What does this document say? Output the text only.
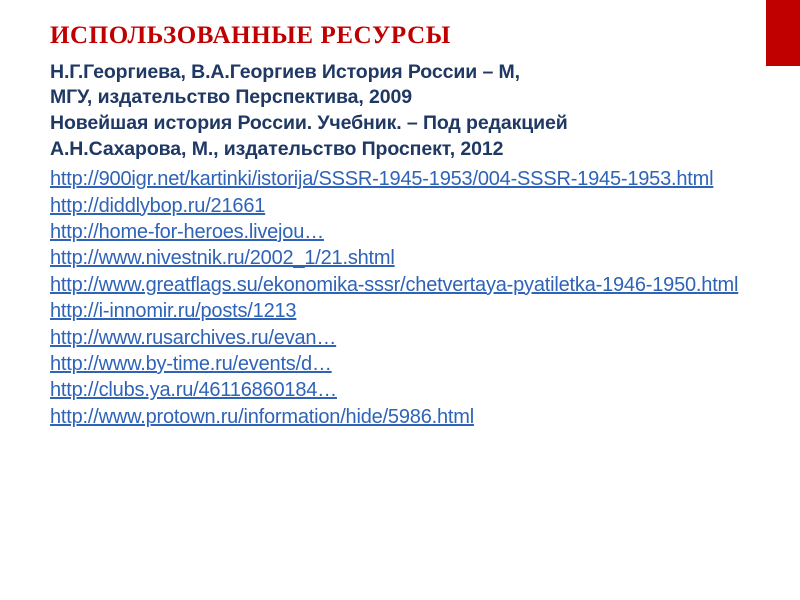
ИСПОЛЬЗОВАННЫЕ РЕСУРСЫ
Н.Г.Георгиева, В.А.Георгиев История России – М,
МГУ, издательство Перспектива, 2009
Новейшая история России. Учебник. – Под редакцией
А.Н.Сахарова, М., издательство Проспект, 2012
http://900igr.net/kartinki/istorija/SSSR-1945-1953/004-SSSR-1945-1953.html
http://diddlybop.ru/21661
http://home-for-heroes.livejou…
http://www.nivestnik.ru/2002_1/21.shtml
http://www.greatflags.su/ekonomika-sssr/chetvertaya-pyatiletka-1946-1950.html
http://i-innomir.ru/posts/1213
http://www.rusarchives.ru/evan…
http://www.by-time.ru/events/d…
http://clubs.ya.ru/46116860184…
http://www.protown.ru/information/hide/5986.html
